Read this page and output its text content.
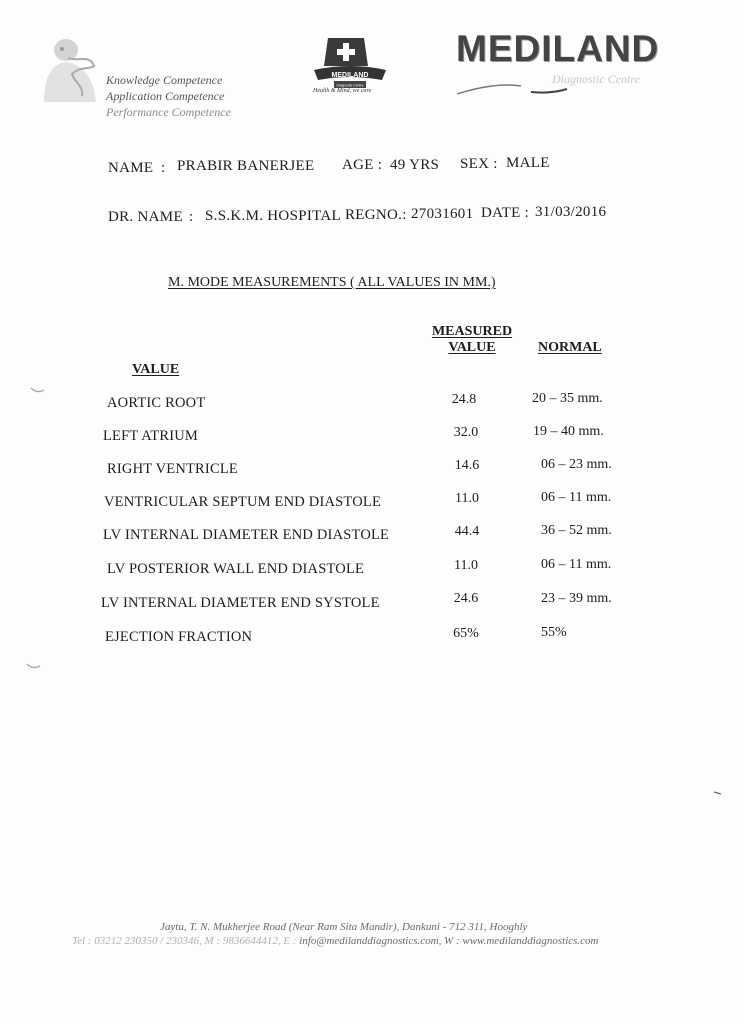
Knowledge Competence
Application Competence
Performance Competence
MEDILAND
Diagnostic Centre
Health & Mind, we care
MEDILAND
Diagnostic Centre
NAME : PRABIR BANERJEE AGE : 49 YRS SEX : MALE
DR. NAME : S.S.K.M. HOSPITAL REGNO.: 27031601 DATE : 31/03/2016
M. MODE MEASUREMENTS ( ALL VALUES IN MM.)
MEASURED
VALUE	NORMAL
VALUE
AORTIC ROOT	24.8	20 – 35 mm.
LEFT ATRIUM	32.0	19 – 40 mm.
RIGHT VENTRICLE	14.6	06 – 23 mm.
VENTRICULAR SEPTUM END DIASTOLE	11.0	06 – 11 mm.
LV INTERNAL DIAMETER END DIASTOLE	44.4	36 – 52 mm.
LV POSTERIOR WALL END DIASTOLE	11.0	06 – 11 mm.
LV INTERNAL DIAMETER END SYSTOLE	24.6	23 – 39 mm.
EJECTION FRACTION	65%	55%
Jaytu, T. N. Mukherjee Road (Near Ram Sita Mandir), Dankuni - 712 311, Hooghly
Tel : 03212 230350 / 230346, M : 9836644412, E : info@medilanddiagnostics.com, W : www.medilanddiagnostics.com
